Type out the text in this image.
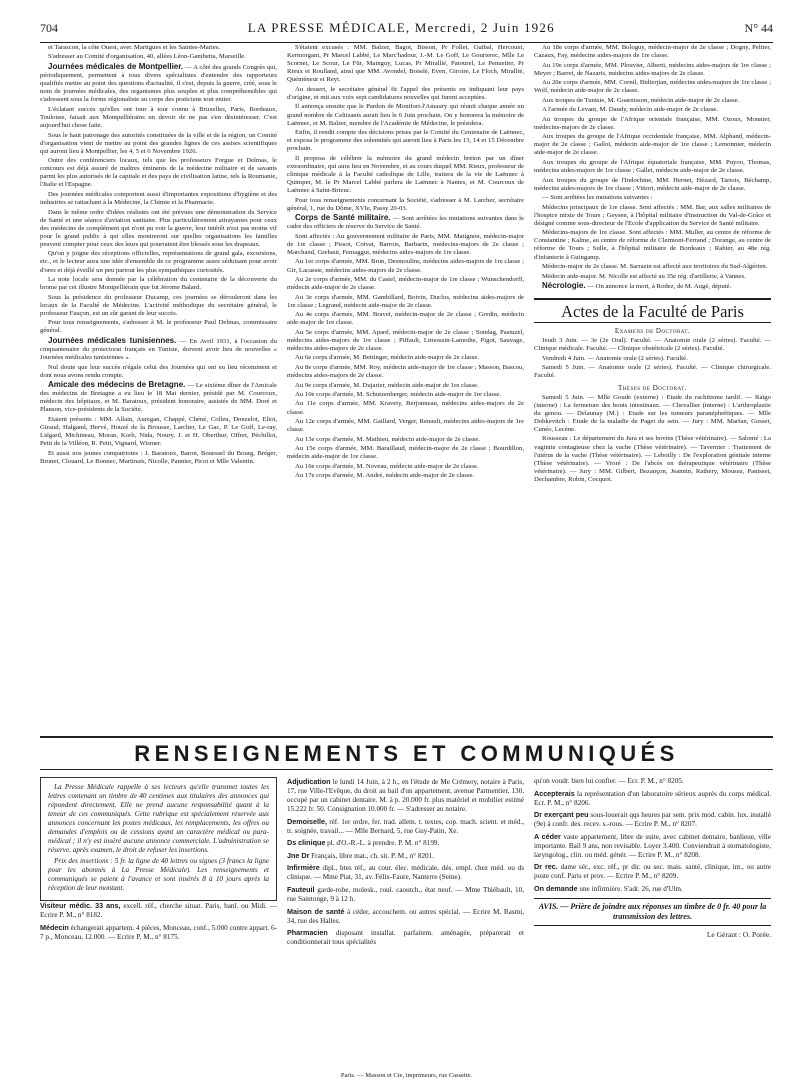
704	LA PRESSE MÉDICALE, Mercredi, 2 Juin 1926	N° 44

et Tarascon, la côte Ouest, avec Martigues et les Saintes-Maries.

S'adresser au Comité d'organisation, 40, allées Léon-Gambetta, Marseille.

Journées médicales de Montpellier. — A côté des grands Congrès qui, périodiquement, permettent à tous divers spécialistes d'entendre des rapporteurs qualifiés mettre au point des questions d'actualité, il s'est, depuis la guerre, créé, sous le nom de journées médicales, des organismes plus souples et plus compréhensibles qui s'adressent sous la forme régionaliste au corps des praticiens tout entier.

L'éclatant succès qu'elles ont tour à tour connu à Bruxelles, Paris, Bordeaux, Toulouse, faisait aux Montpelliérains un devoir de ne pas s'en désintéresser. C'est aujourd'hui chose faite.

Sous le haut patronage des autorités constituées de la ville et de la région, un Comité d'organisation vient de mettre au point des grandes lignes de ces assises scientifiques qui auront lieu à Montpellier, les 4, 5 et 6 Novembre 1926.

Outre des conférenciers locaux, tels que les professeurs Forgue et Delmas, le concours est déjà assuré de maîtres éminents de la médecine militaire et de savants parmi les plus autorisés de la capitale et des pays de civilisation latine, tels la Roumanie, l'Italie et l'Espagne.

Des journées médicales comportent aussi d'importantes expositions d'hygiène et des industries se rattachant à la Médecine, la Chimie et la Pharmacie.

Dans le même ordre d'idées réalistes ont été prévues une démonstration du Service de Santé et une séance d'aviation sanitaire. Plus particulièrement attrayantes pour ceux des médecins de complément qui n'ont pu voir la guerre, leur intérêt n'est pas moins vif pour le grand public à qui elles montreront sur quelles organisations les familles peuvent compter pour ceux des leurs qui pourraient être blessés sous les drapeaux.

Qu'on y joigne des réceptions officielles, représentations de grand gala, excursions, etc., et le lecteur aura une idée d'ensemble de ce programme assez séduisant pour avoir d'ores et déjà éveillé un peu partout les plus sympathiques curiosités.

La note locale sera donnée par la célébration du centenaire de la découverte du brome par cet illustre Montpelliérain que fut Jérome Balard.

Sous la présidence du professeur Ducamp, ces journées se dérouleront dans les locaux de la Faculté de Médecine. L'activité méthodique du secrétaire général, le professeur Fauçon, est un sûr garant de leur succès.

Pour tous renseignements, s'adresser à M. le professeur Paul Delmas, commissaire général.

Journées médicales tunisiennes. — En Avril 1931, à l'occasion du cinquantenaire du protectorat français en Tunisie, doivent avoir lieu de nouvelles « Journées médicales tunisiennes ».

Nul doute que leur succès n'égale celui des Journées qui ont eu lieu récemment et dont nous avons rendu compte.

Amicale des médecins de Bretagne. — Le sixième dîner de l'Amicale des médecins de Bretagne a eu lieu le 18 Mai dernier, présidé par M. Courcoux, médecin des hôpitaux, et M. Baratoux, président honoraire, assistés de MM. Doré et Planson, vice-présidents de la Société.

Etaient présents : MM. Allain, Auregan, Chappé, Chéné, Colleu, Donzelot, Eliot, Giraud, Halgand, Hervé, Houzé de la Brousse, Larcher, Le Gac, P. Le Goff, Le-ray, Liégard, Michineau, Moran, Korb, Nida, Noury, J. et H. Oberthur, Offret, Péchillot, Petit de la Villéon, R. Petit, Vignard, Wismer.

Et aussi nos jeunes compatriotes : J. Baratoux, Baron, Bouessel du Bourg, Bréger, Brunet, Clouard, Le Bonnec, Martinais, Nicolle, Pannier, Picot et Mlle Valentin.

S'étaient excusés : MM. Balzer, Bagot, Bisson, Pr Follet, Guibal, Hercouet, Kermorgant, Pr Marcel Labbé, Le Marc'hadour, J.-M. Le Goff, Le Gourierec, Mlle Le Scornet, Le Scour, Le Für, Mainguy, Lucas, Pr Mirallié, Patourel, Le Penuetier, Pr Rieux et Roulland, ainsi que MM. Avondel, Boisdé, Even, Giroire, Le Floch, Mirallié, Quéméneur et Reyt.

Au dessert, le secrétaire général fit l'appel des présents en indiquant leur pays d'origine, et mit aux voix sept candidatures nouvelles qui furent acceptées.

Il annonça ensuite que le Pardon de Montfort-l'Amaury qui réunit chaque année un grand nombre de Celtisants aurait lieu le 6 Juin prochain. On y honorera la mémoire de Laënnec, et M. Balzer, membre de l'Académie de Médecine, le présidera.

Enfin, il rendit compte des décisions prises par le Comité du Centenaire de Laënnec, et exposa le programme des solennités qui auront lieu à Paris les 13, 14 et 15 Décembre prochain.

Il proposa de célébrer la mémoire du grand médecin breton par un dîner extraordinaire, qui aura lieu en Novembre, et au cours duquel MM. Rieux, professeur de clinique médicale à la Faculté catholique de Lille, traitera de la vie de Laënnec à Quimper, M. le Pr Marcel Labbé parlera de Laënnec à Nantes, et M. Courcoux de Laënnec à Saint-Brieuc.

Pour tous renseignements concernant la Société, s'adresser à M. Larcher, secrétaire général, 1, rue du Dôme, XVIe, Passy 20-03.

Corps de Santé militaire. — Sont arrêtées les mutations suivantes dans le cadre des officiers de réserve du Service de Santé.

Sont affectés : Au gouvernement militaire de Paris, MM. Matignon, médecin-major de 1re classe ; Pissot, Cotvat, Barrois, Barbarin, médecins-majors de 2e classe ; Marchand, Grehaut, Femaggut, médecins aides-majors de 1re classe.

Au 1er corps d'armée, MM. Brun, Desmoulins, médecins aides-majors de 1re classe ; Gir, Lacassie, médecins aides-majors de 2e classe.

Au 2e corps d'armée, MM. du Castel, médecin-major de 1re classe ; Wunschendorff, médecin aide-major de 2e classe.

Au 3e corps d'armée, MM. Gambillard, Boivin, Duclos, médecins aides-majors de 1re classe ; Legrand, médecin aide-major de 2e classe.

Au 4e corps d'armée, MM. Bravet, médecin-major de 2e classe ; Gredin, médecin aide-major de 1re classe.

Au 5e corps d'armée, MM. Apard, médecin-major de 2e classe ; Sondag, Pastuzel, médecins aides-majors de 1re classe ; Piffault, Limousin-Lamothe, Pigot, Sauvage, médecins aides-majors de 2e classe.

Au 6e corps d'armée, M. Bettinger, médecin aide-major de 2e classe.

Au 8e corps d'armée, MM. Roy, médecin aide-major de 1re classe ; Masson, Bascou, médecins aides-majors de 2e classe.

Au 9e corps d'armée, M. Dujarier, médecin aide-major de 1re classe.

Au 10e corps d'armée, M. Schutzenberger, médecin aide-major de 1re classe.

Au 11e corps d'armée, MM. Kravety, Berjonneau, médecins aides-majors de 2e classe.

Au 12e corps d'armée, MM. Gaillard, Verger, Renault, médecins aides-majors de 1re classe.

Au 13e corps d'armée, M. Mathieu, médecin aide-major de 2e classe.

Au 15e corps d'armée, MM. Baraillaud, médecin-major de 2e classe ; Bourdillon, médecin aide-major de 1re classe.

Au 16e corps d'armée, M. Noveau, médecin aide-major de 2e classe.

Au 17e corps d'armée, M. André, médecin aide-major de 2e classe.

Au 18e corps d'armée, MM. Bologuy, médecin-major de 2e classe ; Dogny, Peltier, Cazaux, Fay, médecins aides-majors de 1re classe.

Au 19e corps d'armée, MM. Plouvier, Alberti, médecins aides-majors de 1re classe ; Meyer ; Barret, de Nazaris, médecins aides-majors de 2e classe.

Au 20e corps d'armée, MM. Cornil, Bidierjian, médecins aides-majors de 1re classe ; Wolf, médecin aide-major de 2e classe.

Aux troupes de Tunisie, M. Goarnisson, médecin aide-major de 2e classe.

A l'armée du Levant, M. Daudy, médecin aide-major de 2e classe.

Au troupes du groupe de l'Afrique orientale française, MM. Ozoux, Monnier, médecins-majors de 2e classe.

Aux troupes du groupe de l'Afrique occidentale française, MM. Alphand, médecin-major de 2e classe ; Gallot, médecin aide-major de 1re classe ; Lemonnier, médecin aide-major de 2e classe.

Aux troupes du groupe de l'Afrique équatoriale française, MM. Puyoo, Thomas, médecins aides-majors de 1re classe ; Gallet, médecin aide-major de 2e classe.

Aux troupes du groupe de l'Indochine, MM. Hernet, Hézard, Tartois, Béchamp, médecins aides-majors de 1re classe ; Vittori, médecin aide-major de 2e classe.

— Sont arrêtées les mutations suivantes :

Médecins principaux de 1re classe. Sont affectés : MM. Bar, aux salles militaires de l'hospice mixte de Tours ; Geysen, à l'hôpital militaire d'instruction du Val-de-Grâce et désigné comme sous-directeur de l'Ecole d'application du Service de Santé militaire.

Médecins-majors de 1re classe. Sont affectés : MM. Muller, au centre de réforme de Constantine ; Kalme, au centre de réforme de Clermont-Ferrand ; Dorange, au centre de réforme de Tours ; Sulle, à l'hôpital militaire de Bordeaux ; Rahier, au 48e rég. d'infanterie à Guingamp.

Médecin-major de 2e classe. M. Sarrazin est affecté aux territoires du Sud-Algérien.

Médecin aide-major. M. Nicolle est affecté au 35e rég. d'artillerie, à Vannes.

Nécrologie. — On annonce la mort, à Rodez, de M. Augé, député.

Actes de la Faculté de Paris
Examens de Doctorat.

Jeudi 3 Juin. — 3e (2e Oral). Faculté. — Anatomie orale (2 séries). Faculté. — Clinique médicale. Faculté. — Clinique obstétricale (2 séries). Faculté.

Vendredi 4 Juin. — Anatomie orale (2 séries). Faculté.

Samedi 5 Juin. — Anatomie orale (2 séries). Faculté. — Clinique chirurgicale. Faculté.

Thèses de Doctorat.

Samedi 5 Juin. — Mlle Goude (externe) : Etude du rachitisme tardif. — Raïgo (interne) : La fermeture des bouts intestinaux. — Chevallier (interne) : L'arthroplastie du genou. — Delaunay (M.) : Etude sur les tumeurs paranéphrétiques. — Mlle Dobkevitch : Etude de la maladie de Paget du sein. — Jury : MM. Marfan, Gosset, Cunéo, Lecène.

Rousseau : Le département du Jura et ses bovins (Thèse vétérinaire). — Salomé : La vaginite contagieuse chez la vache (Thèse vétérinaire). — Tavernier : Traitement de l'utérus de la vache (Thèse vétérinaire). — Leboilly : De l'exploration génitale interne (Thèse vétérinaire). — Vroré : De l'abcès en thérapeutique vétérinaire (Thèse vétérinaire). — Jury : MM. Gilbert, Bezançon, Jeannin, Rathery, Moussu, Panisset, Dechambre, Robin, Cocquot.

RENSEIGNEMENTS ET COMMUNIQUÉS

La Presse Médicale rappelle à ses lecteurs qu'elle transmet toutes les lettres contenant un timbre de 40 centimes aux titulaires des annonces qui répondent directement. Elle ne prend aucune responsabilité quant à la teneur de ces communiqués. Cette rubrique est spécialement réservée aux annonces concernant les postes médicaux, les remplacements, les offres ou demandes d'emplois ou de cessions ayant un caractère médical ou para-médical ; il n'y est inséré aucune annonce commerciale. L'administration se réserve, après examen, le droit de refuser les insertions.

Prix des insertions : 5 fr. la ligne de 40 lettres ou signes (3 francs la ligne pour les abonnés à La Presse Médicale). Les renseignements et communiqués se paient à l'avance et sont insérés 8 à 10 jours après la réception de leur montant.

Visiteur médic. 33 ans, excell. réf., cherche situat. Paris, banl. ou Midi. — Ecrire P. M., n° 8182.

Médecin échangerait appartem. 4 pièces, Monceau, conf., 5.000 contre appart. 6-7 p., Monceau, 12.000. — Ecrire P. M., n° 8175.

Adjudication le lundi 14 Juin, à 2 h., en l'étude de Me Crémery, notaire à Paris, 17, rue Ville-l'Evêque, du droit au bail d'un appartement, avenue Parmentier, 130, occupé par un cabinet dentaire. M. à p. 20.000 fr. plus matériel et mobilier estimé 15.222 fr. 50. Consignation 10.000 fr. — S'adresser au notaire.

Demoiselle, réf. 1er ordre, fer. trad. allem. t. textes, cop. mach. scient. et méd., tr. soignée, travail... — Mlle Bernard, 5, rue Guy-Patin, Xe.

Ds clinique pl. d'O.-R.-L. à prendre. P. M. n° 8199.

Jne Dr Français, libre mat., ch. sit. P. M., n° 8201.

Infirmière dipl., htes réf., au cour. élec. médicale, dés. empl. chez méd. ou ds clinique. — Mme Piat, 31, av. Félix-Faure, Nanterre (Seine).

Fauteuil garde-robe, molesk., roul. caoutch., état neuf. — Mme Thiébault, 10, rue Saintonge, 9 à 12 h.

Maison de santé à céder, accouchem. ou autres spécial. — Ecrire M. Rasmi, 34, rue des Halles.

Pharmacien disposant installat. parfaitem. aménagée, préparerait et conditionnerait tous spécialités

qu'on voudr. bien lui confier. — Ecr. P. M., n° 8205.

Accepterais la représentation d'un laboratoire sérieux auprès du corps médical. Ecr. P. M., n° 8206.

Dr exerçant peu sous-louerait qqs heures par sem. prix mod. cabin. lux. installé (9e) à confr. des. recev. s.-rous. — Ecrire P. M., n° 8207.

A céder vaste appartement, libre de suite, avec cabinet dentaire, banlieue, ville importante. Bail 9 ans, non revisable. Loyer 3.400. Conviendrait à stomatologiste, laryngolog., clin. ou méd. génér. — Ecrire P. M., n° 8208.

Dr rec. dame sér., exc. réf., pr dir. ou sec. mais. santé, clinique, int., ou autre poste conf. Paris et prov. — Ecrire P. M., n° 8209.

On demande une infirmière. S'adr. 26, rue d'Ulm.

AVIS. — Prière de joindre aux réponses un timbre de 0 fr. 40 pour la transmission des lettres.
Le Gérant : O. Porée.
Paris. — Masson et Cie, imprimeurs, rue Cassette.
